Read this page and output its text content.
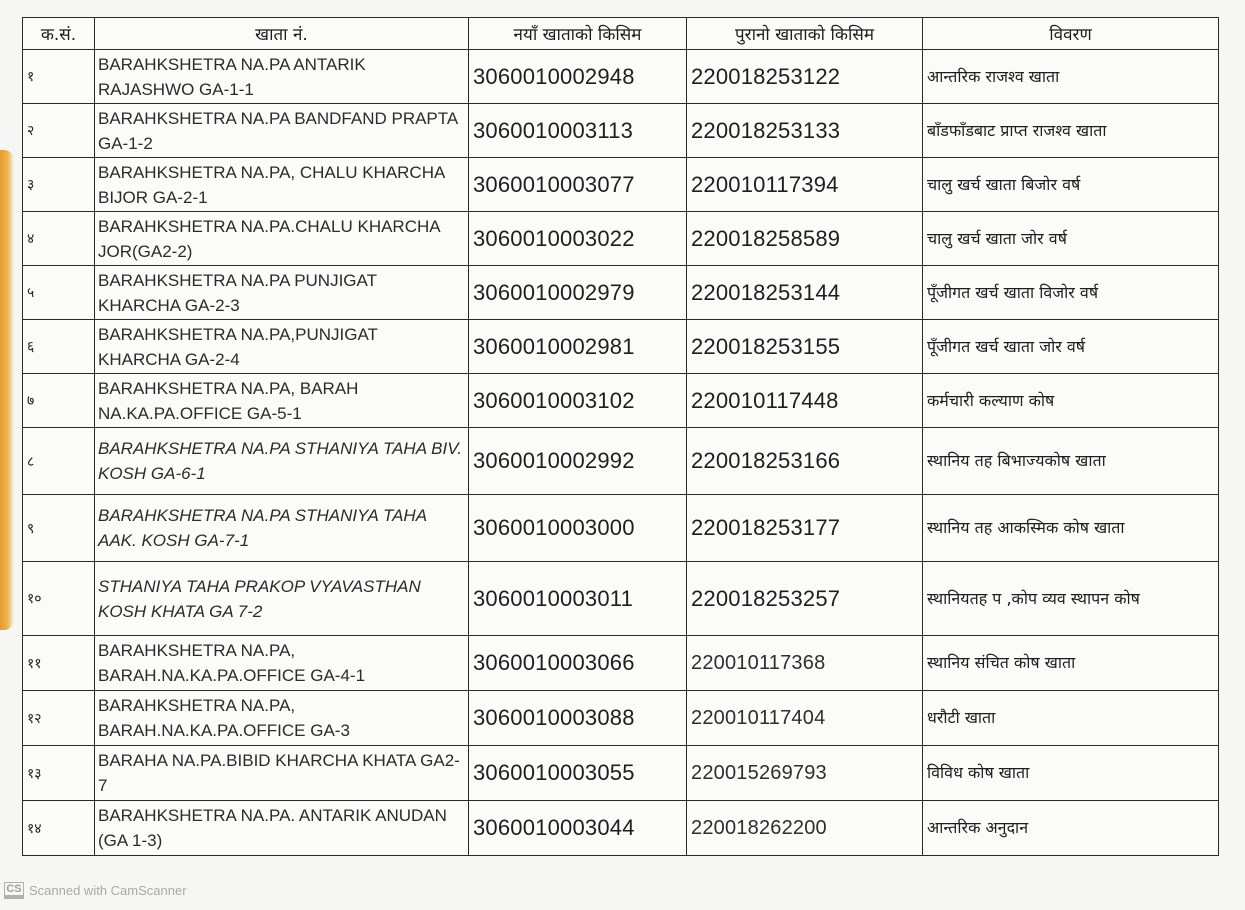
क.सं.	खाता नं.	नयाँ खाताको किसिम	पुरानो खाताको किसिम	विवरण
१	BARAHKSHETRA NA.PA ANTARIK RAJASHWO GA-1-1	3060010002948	220018253122	आन्तरिक राजश्व खाता
२	BARAHKSHETRA NA.PA BANDFAND PRAPTA GA-1-2	3060010003113	220018253133	बाँडफाँडबाट प्राप्त राजश्व खाता
३	BARAHKSHETRA NA.PA, CHALU KHARCHA BIJOR GA-2-1	3060010003077	220010117394	चालु खर्च खाता बिजोर वर्ष
४	BARAHKSHETRA NA.PA.CHALU KHARCHA JOR(GA2-2)	3060010003022	220018258589	चालु खर्च खाता जोर वर्ष
५	BARAHKSHETRA NA.PA PUNJIGAT KHARCHA GA-2-3	3060010002979	220018253144	पूँजीगत खर्च खाता विजोर वर्ष
६	BARAHKSHETRA NA.PA,PUNJIGAT KHARCHA GA-2-4	3060010002981	220018253155	पूँजीगत खर्च खाता जोर वर्ष
७	BARAHKSHETRA NA.PA, BARAH NA.KA.PA.OFFICE GA-5-1	3060010003102	220010117448	कर्मचारी कल्याण कोष
८	BARAHKSHETRA NA.PA STHANIYA TAHA BIV. KOSH GA-6-1	3060010002992	220018253166	स्थानिय तह बिभाज्यकोष खाता
९	BARAHKSHETRA NA.PA STHANIYA TAHA AAK. KOSH GA-7-1	3060010003000	220018253177	स्थानिय तह आकस्मिक कोष खाता
१०	STHANIYA TAHA PRAKOP VYAVASTHAN KOSH KHATA GA 7-2	3060010003011	220018253257	स्थानियतह प ,कोप व्यव स्थापन कोष
११	BARAHKSHETRA NA.PA, BARAH.NA.KA.PA.OFFICE GA-4-1	3060010003066	220010117368	स्थानिय संचित कोष खाता
१२	BARAHKSHETRA NA.PA, BARAH.NA.KA.PA.OFFICE GA-3	3060010003088	220010117404	धरौटी खाता
१३	BARAHA NA.PA.BIBID KHARCHA KHATA GA2-7	3060010003055	220015269793	विविध कोष खाता
१४	BARAHKSHETRA NA.PA. ANTARIK ANUDAN (GA 1-3)	3060010003044	220018262200	आन्तरिक अनुदान
CS Scanned with CamScanner
